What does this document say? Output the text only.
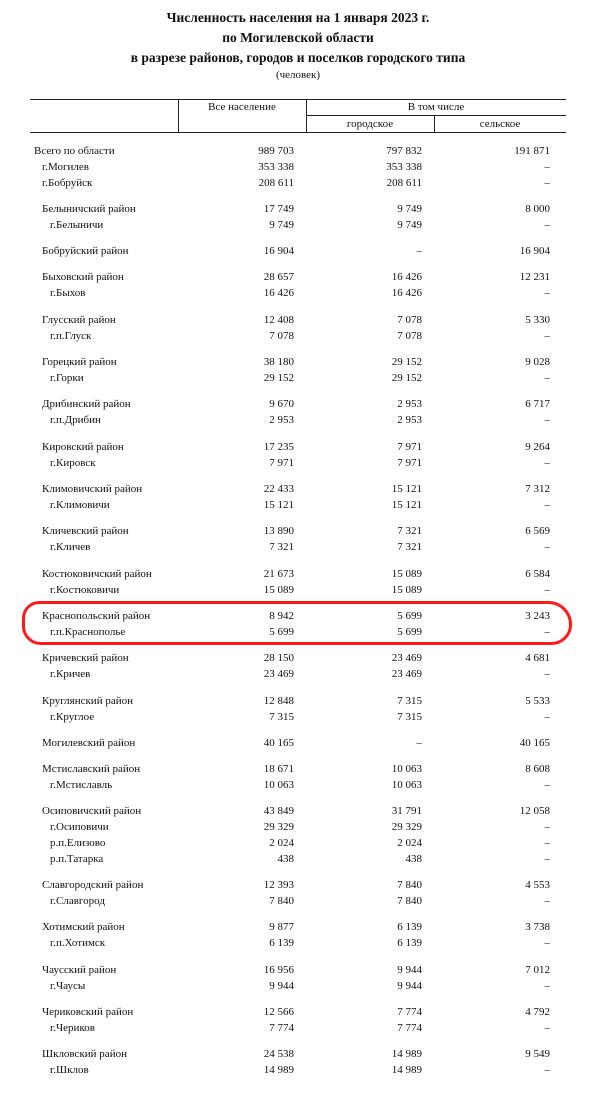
Численность населения на 1 января 2023 г.
по Могилевской области
в разрезе районов, городов и поселков городского типа
(человек)
Все население	В том числе
городское	сельское
Всего по области	989 703	797 832	191 871
г.Могилев	353 338	353 338	–
г.Бобруйск	208 611	208 611	–
Белыничский район	17 749	9 749	8 000
г.Белыничи	9 749	9 749	–
Бобруйский район	16 904	–	16 904
Быховский район	28 657	16 426	12 231
г.Быхов	16 426	16 426	–
Глусский район	12 408	7 078	5 330
г.п.Глуск	7 078	7 078	–
Горецкий район	38 180	29 152	9 028
г.Горки	29 152	29 152	–
Дрибинский район	9 670	2 953	6 717
г.п.Дрибин	2 953	2 953	–
Кировский район	17 235	7 971	9 264
г.Кировск	7 971	7 971	–
Климовичский район	22 433	15 121	7 312
г.Климовичи	15 121	15 121	–
Кличевский район	13 890	7 321	6 569
г.Кличев	7 321	7 321	–
Костюковичский район	21 673	15 089	6 584
г.Костюковичи	15 089	15 089	–
Краснопольский район	8 942	5 699	3 243
г.п.Краснополье	5 699	5 699	–
Кричевский район	28 150	23 469	4 681
г.Кричев	23 469	23 469	–
Круглянский район	12 848	7 315	5 533
г.Круглое	7 315	7 315	–
Могилевский район	40 165	–	40 165
Мстиславский район	18 671	10 063	8 608
г.Мстиславль	10 063	10 063	–
Осиповичский район	43 849	31 791	12 058
г.Осиповичи	29 329	29 329	–
р.п.Елизово	2 024	2 024	–
р.п.Татарка	438	438	–
Славгородский район	12 393	7 840	4 553
г.Славгород	7 840	7 840	–
Хотимский район	9 877	6 139	3 738
г.п.Хотимск	6 139	6 139	–
Чаусский район	16 956	9 944	7 012
г.Чаусы	9 944	9 944	–
Чериковский район	12 566	7 774	4 792
г.Чериков	7 774	7 774	–
Шкловский район	24 538	14 989	9 549
г.Шклов	14 989	14 989	–
